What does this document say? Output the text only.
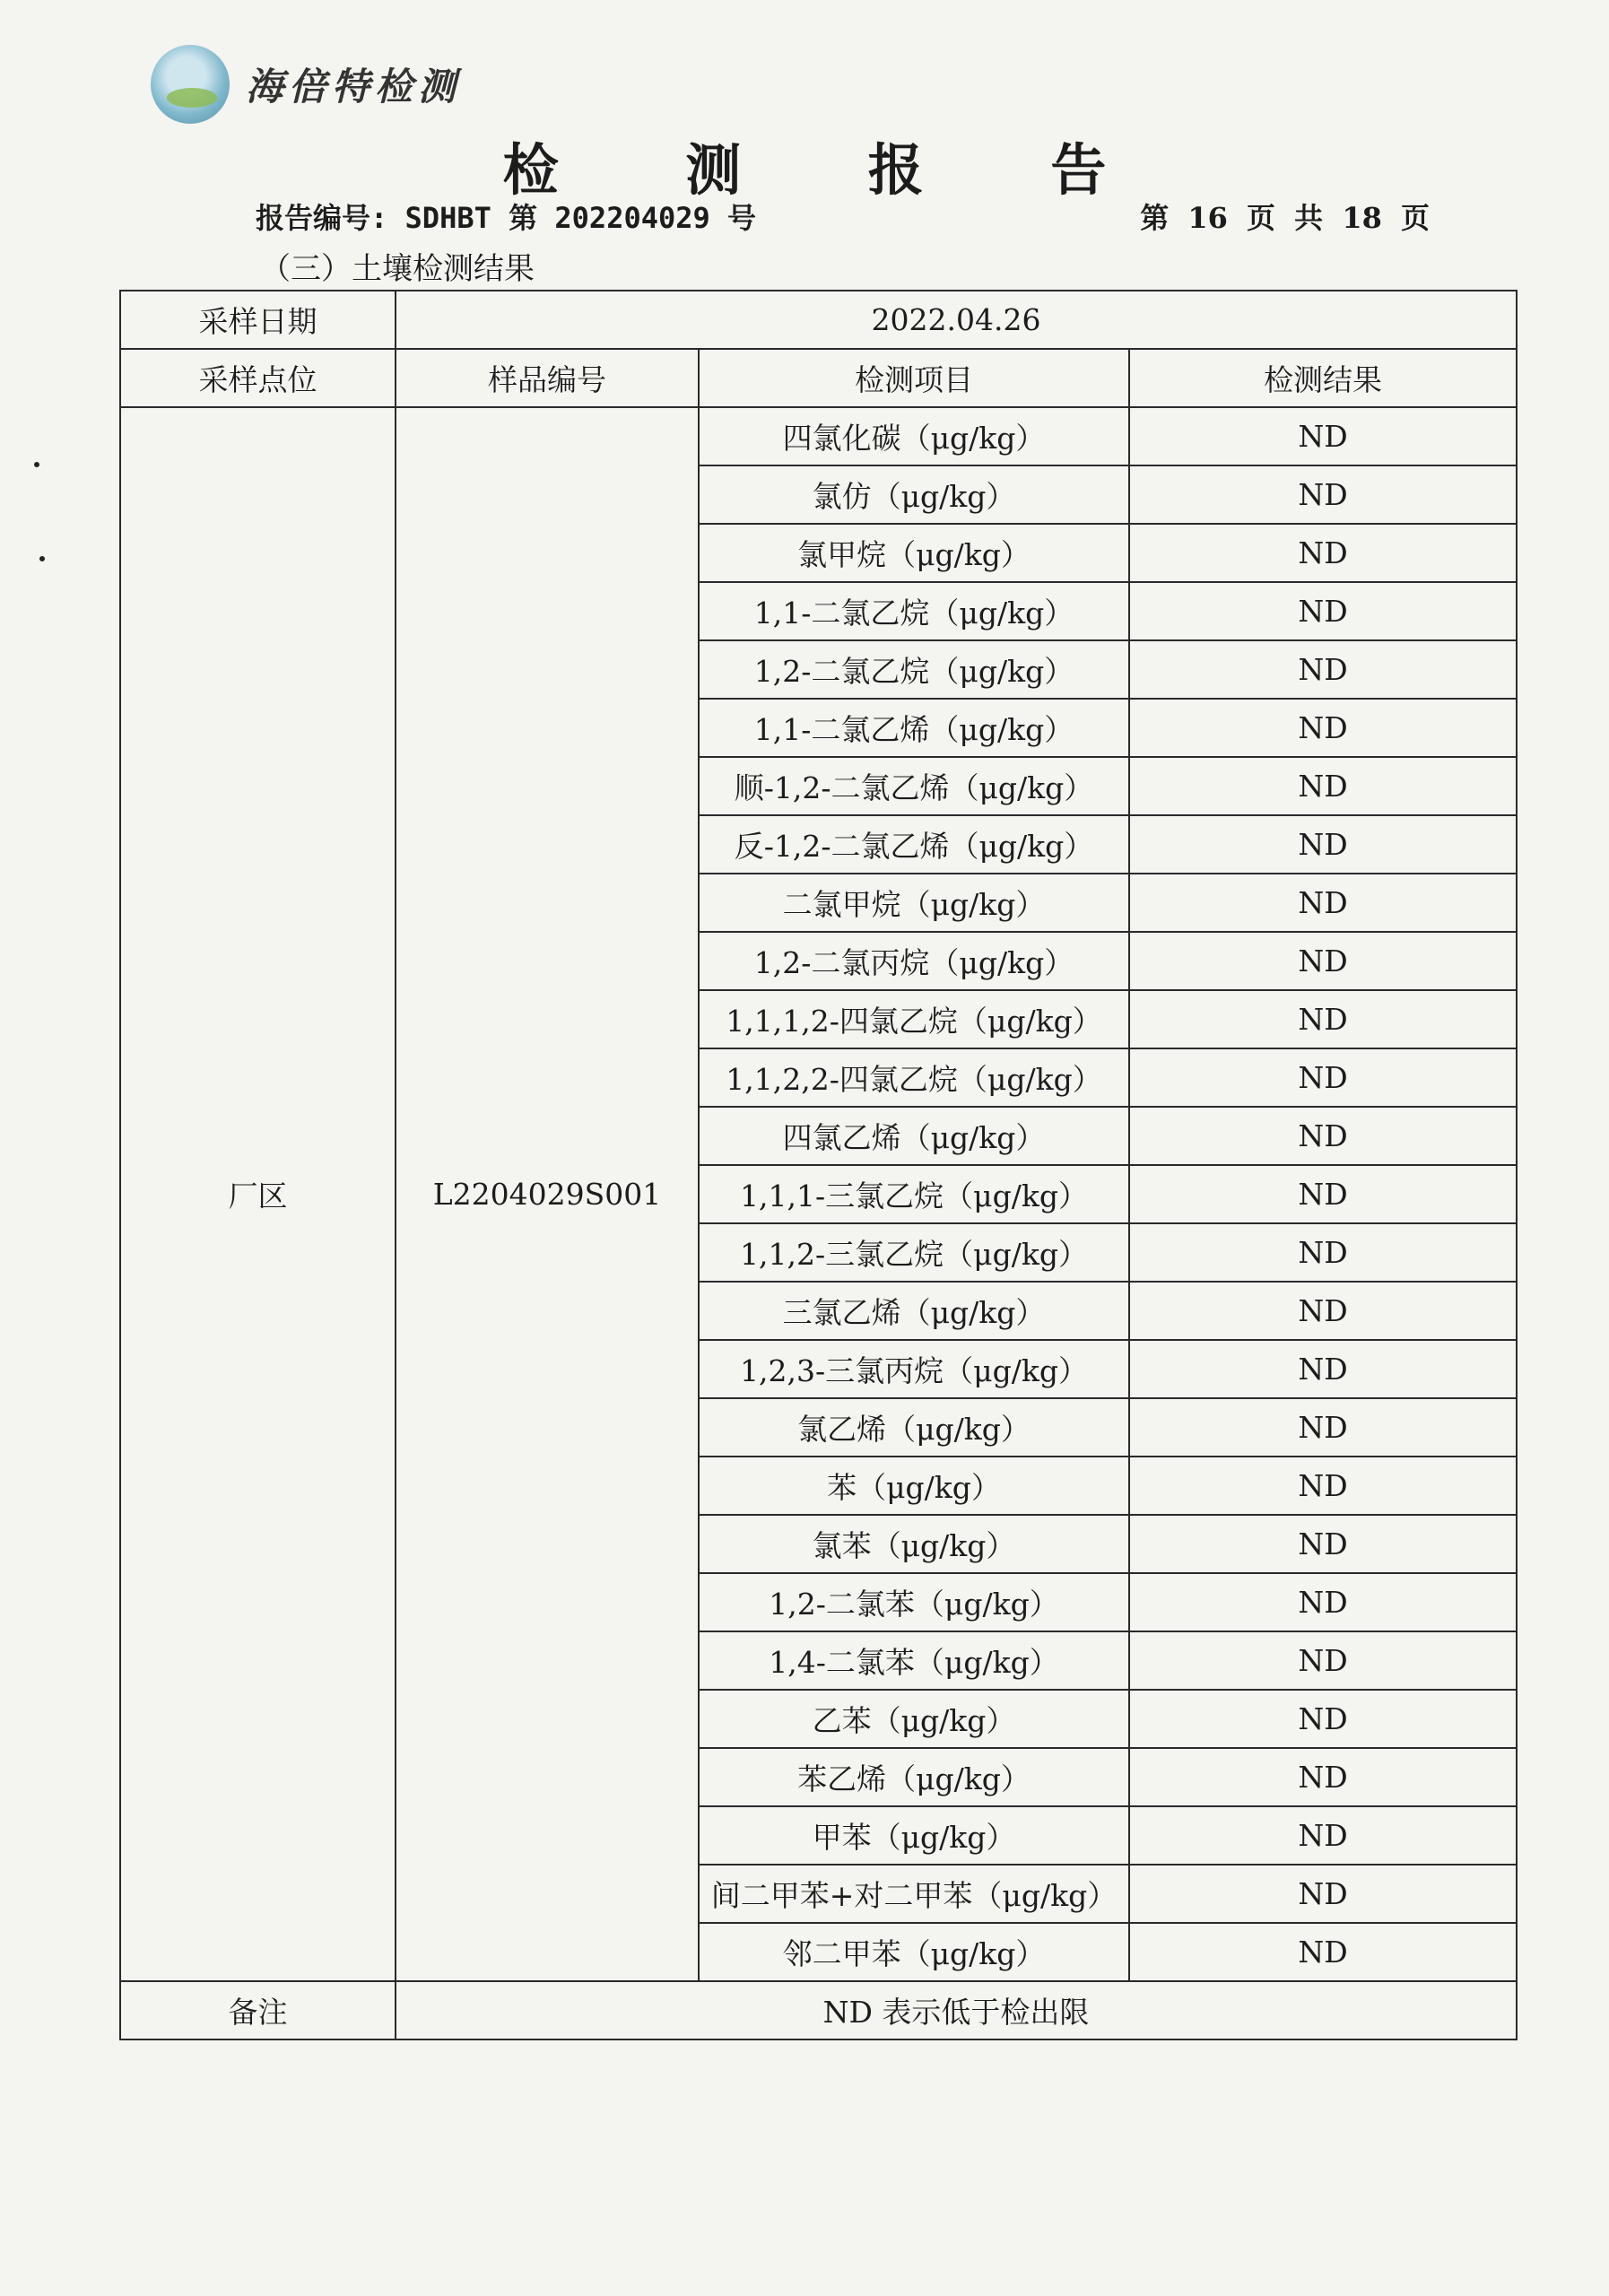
海倍特检测
检 测 报 告
报告编号: SDHBT 第 202204029 号	第 16 页 共 18 页
（三）土壤检测结果
采样日期	2022.04.26		
采样点位	样品编号	检测项目	检测结果
厂区	L2204029S001	四氯化碳（μg/kg）	ND
		氯仿（μg/kg）	ND
		氯甲烷（μg/kg）	ND
		1,1-二氯乙烷（μg/kg）	ND
		1,2-二氯乙烷（μg/kg）	ND
		1,1-二氯乙烯（μg/kg）	ND
		顺-1,2-二氯乙烯（μg/kg）	ND
		反-1,2-二氯乙烯（μg/kg）	ND
		二氯甲烷（μg/kg）	ND
		1,2-二氯丙烷（μg/kg）	ND
		1,1,1,2-四氯乙烷（μg/kg）	ND
		1,1,2,2-四氯乙烷（μg/kg）	ND
		四氯乙烯（μg/kg）	ND
		1,1,1-三氯乙烷（μg/kg）	ND
		1,1,2-三氯乙烷（μg/kg）	ND
		三氯乙烯（μg/kg）	ND
		1,2,3-三氯丙烷（μg/kg）	ND
		氯乙烯（μg/kg）	ND
		苯（μg/kg）	ND
		氯苯（μg/kg）	ND
		1,2-二氯苯（μg/kg）	ND
		1,4-二氯苯（μg/kg）	ND
		乙苯（μg/kg）	ND
		苯乙烯（μg/kg）	ND
		甲苯（μg/kg）	ND
		间二甲苯+对二甲苯（μg/kg）	ND
		邻二甲苯（μg/kg）	ND
备注	ND 表示低于检出限		
